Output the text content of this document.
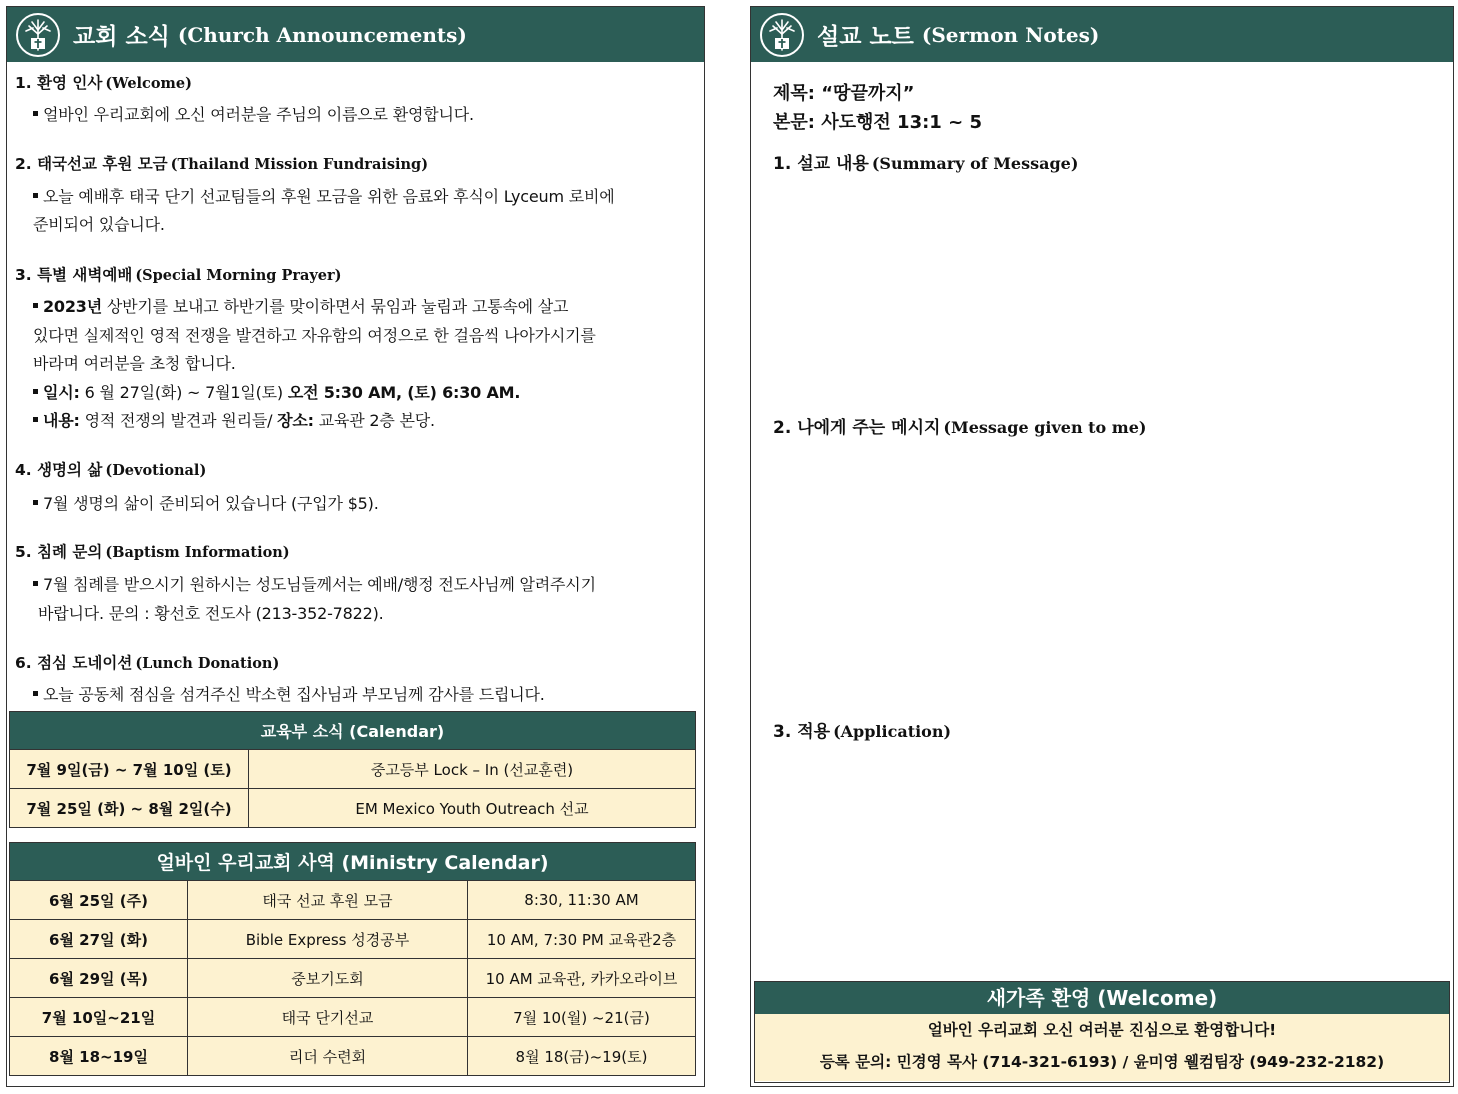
교회 소식 (Church Announcements)
1. 환영 인사 (Welcome)
얼바인 우리교회에 오신 여러분을 주님의 이름으로 환영합니다.
2. 태국선교 후원 모금 (Thailand Mission Fundraising)
오늘 예배후 태국 단기 선교팀들의 후원 모금을 위한 음료와 후식이 Lyceum 로비에
준비되어 있습니다.
3. 특별 새벽예배 (Special Morning Prayer)
2023년 상반기를 보내고 하반기를 맞이하면서 묶임과 눌림과 고통속에 살고
있다면 실제적인 영적 전쟁을 발견하고 자유함의 여정으로 한 걸음씩 나아가시기를
바라며 여러분을 초청 합니다.
일시: 6 월 27일(화) ~ 7월1일(토) 오전 5:30 AM, (토) 6:30 AM.
내용: 영적 전쟁의 발견과 원리들/ 장소: 교육관 2층 본당.
4. 생명의 삶 (Devotional)
7월 생명의 삶이 준비되어 있습니다 (구입가 $5).
5. 침례 문의 (Baptism Information)
7월 침례를 받으시기 원하시는 성도님들께서는 예배/행정 전도사님께 알려주시기
바랍니다. 문의 : 황선호 전도사 (213-352-7822).
6. 점심 도네이션 (Lunch Donation)
오늘 공동체 점심을 섬겨주신 박소현 집사님과 부모님께 감사를 드립니다.
교육부 소식 (Calendar)	
7월 9일(금) ~ 7월 10일 (토)	중고등부 Lock – In (선교훈련)
7월 25일 (화) ~ 8월 2일(수)	EM Mexico Youth Outreach 선교
얼바인 우리교회 사역 (Ministry Calendar)		
6월 25일 (주)	태국 선교 후원 모금	8:30, 11:30 AM
6월 27일 (화)	Bible Express 성경공부	10 AM, 7:30 PM 교육관2층
6월 29일 (목)	중보기도회	10 AM 교육관, 카카오라이브
7월 10일~21일	태국 단기선교	7월 10(월) ~21(금)
8월 18~19일	리더 수련회	8월 18(금)~19(토)
설교 노트 (Sermon Notes)
제목: “땅끝까지”
본문: 사도행전 13:1 ~ 5
1. 설교 내용 (Summary of Message)
2. 나에게 주는 메시지 (Message given to me)
3. 적용 (Application)
새가족 환영 (Welcome)
얼바인 우리교회 오신 여러분 진심으로 환영합니다!
등록 문의: 민경영 목사 (714-321-6193) / 윤미영 웰컴팀장 (949-232-2182)
